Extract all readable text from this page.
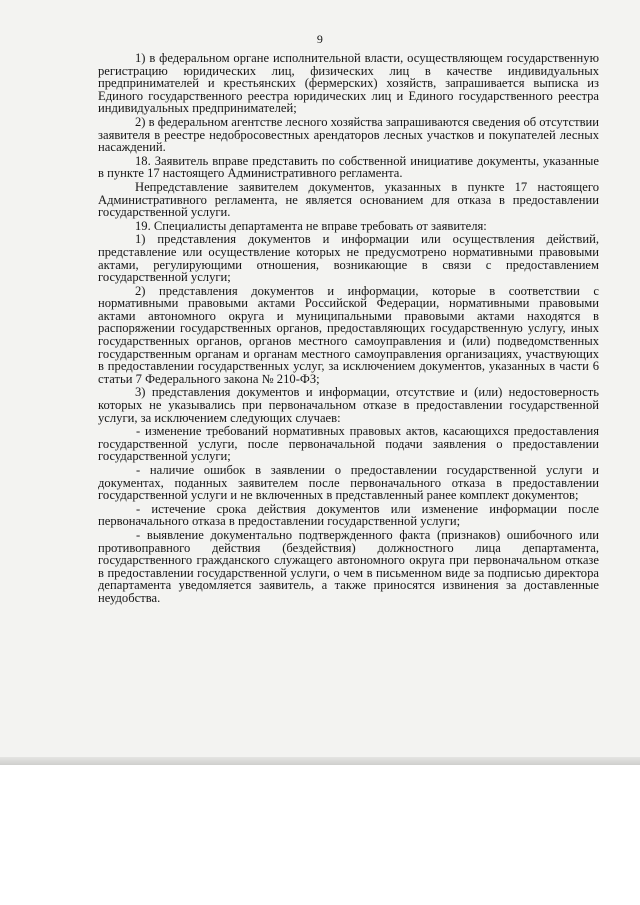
9

1) в федеральном органе исполнительной власти, осуществляющем государственную регистрацию юридических лиц, физических лиц в качестве индивидуальных предпринимателей и крестьянских (фермерских) хозяйств, запрашивается выписка из Единого государственного реестра юридических лиц и Единого государственного реестра индивидуальных предпринимателей;

2) в федеральном агентстве лесного хозяйства запрашиваются сведения об отсутствии заявителя в реестре недобросовестных арендаторов лесных участков и покупателей лесных насаждений.

18. Заявитель вправе представить по собственной инициативе документы, указанные в пункте 17 настоящего Административного регламента.

Непредставление заявителем документов, указанных в пункте 17 настоящего Административного регламента, не является основанием для отказа в предоставлении государственной услуги.

19. Специалисты департамента не вправе требовать от заявителя:

1) представления документов и информации или осуществления действий, представление или осуществление которых не предусмотрено нормативными правовыми актами, регулирующими отношения, возникающие в связи с предоставлением государственной услуги;

2) представления документов и информации, которые в соответствии с нормативными правовыми актами Российской Федерации, нормативными правовыми актами автономного округа и муниципальными правовыми актами находятся в распоряжении государственных органов, предоставляющих государственную услугу, иных государственных органов, органов местного самоуправления и (или) подведомственных государственным органам и органам местного самоуправления организациях, участвующих в предоставлении государственных услуг, за исключением документов, указанных в части 6 статьи 7 Федерального закона № 210-ФЗ;

3) представления документов и информации, отсутствие и (или) недостоверность которых не указывались при первоначальном отказе в предоставлении государственной услуги, за исключением следующих случаев:

- изменение требований нормативных правовых актов, касающихся предоставления государственной услуги, после первоначальной подачи заявления о предоставлении государственной услуги;

- наличие ошибок в заявлении о предоставлении государственной услуги и документах, поданных заявителем после первоначального отказа в предоставлении государственной услуги и не включенных в представленный ранее комплект документов;

- истечение срока действия документов или изменение информации после первоначального отказа в предоставлении государственной услуги;

- выявление документально подтвержденного факта (признаков) ошибочного или противоправного действия (бездействия) должностного лица департамента, государственного гражданского служащего автономного округа при первоначальном отказе в предоставлении государственной услуги, о чем в письменном виде за подписью директора департамента уведомляется заявитель, а также приносятся извинения за доставленные неудобства.
